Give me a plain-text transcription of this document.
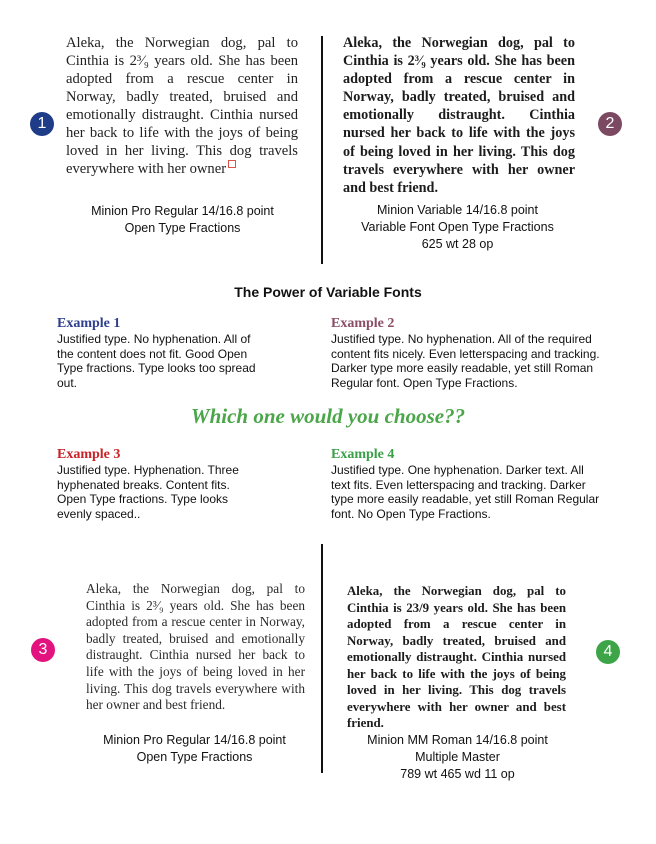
1

Aleka, the Norwegian dog, pal to Cinthia is 2³⁄₉ years old. She has been adopted from a rescue center in Norway, badly treated, bruised and emotionally distraught. Cinthia nursed her back to life with the joys of being loved in her living. This dog travels everywhere with her owner

Minion Pro Regular 14/16.8 point
Open Type Fractions
2

Aleka, the Norwegian dog, pal to Cinthia is 2³⁄₉ years old. She has been adopted from a rescue center in Norway, badly treated, bruised and emotionally distraught. Cinthia nursed her back to life with the joys of being loved in her living. This dog travels everywhere with her owner and best friend.

Minion Variable 14/16.8 point
Variable Font Open Type Fractions
625 wt 28 op
The Power of Variable Fonts
Example 1
Justified type. No hyphenation. All of the content does not fit. Good Open Type fractions. Type looks too spread out.
Example 2
Justified type. No hyphenation. All of the required content fits nicely. Even letterspacing and tracking. Darker type more easily readable, yet still Roman Regular font. Open Type Fractions.
Which one would you choose??
Example 3
Justified type. Hyphenation. Three hyphenated breaks. Content fits. Open Type fractions. Type looks evenly spaced..
Example 4
Justified type. One hyphenation. Darker text. All text fits. Even letterspacing and tracking. Darker type more easily readable, yet still Roman Regular font. No Open Type Fractions.
3

Aleka, the Norwegian dog, pal to Cinthia is 2³⁄₉ years old. She has been adopted from a rescue center in Norway, badly treated, bruised and emotionally distraught. Cinthia nursed her back to life with the joys of being loved in her living. This dog travels everywhere with her owner and best friend.

Minion Pro Regular 14/16.8 point
Open Type Fractions
4

Aleka, the Norwegian dog, pal to Cinthia is 23/9 years old. She has been adopted from a rescue center in Norway, badly treated, bruised and emotionally distraught. Cinthia nursed her back to life with the joys of being loved in her living. This dog travels everywhere with her owner and best friend.

Minion MM Roman 14/16.8 point
Multiple Master
789 wt 465 wd 11 op
